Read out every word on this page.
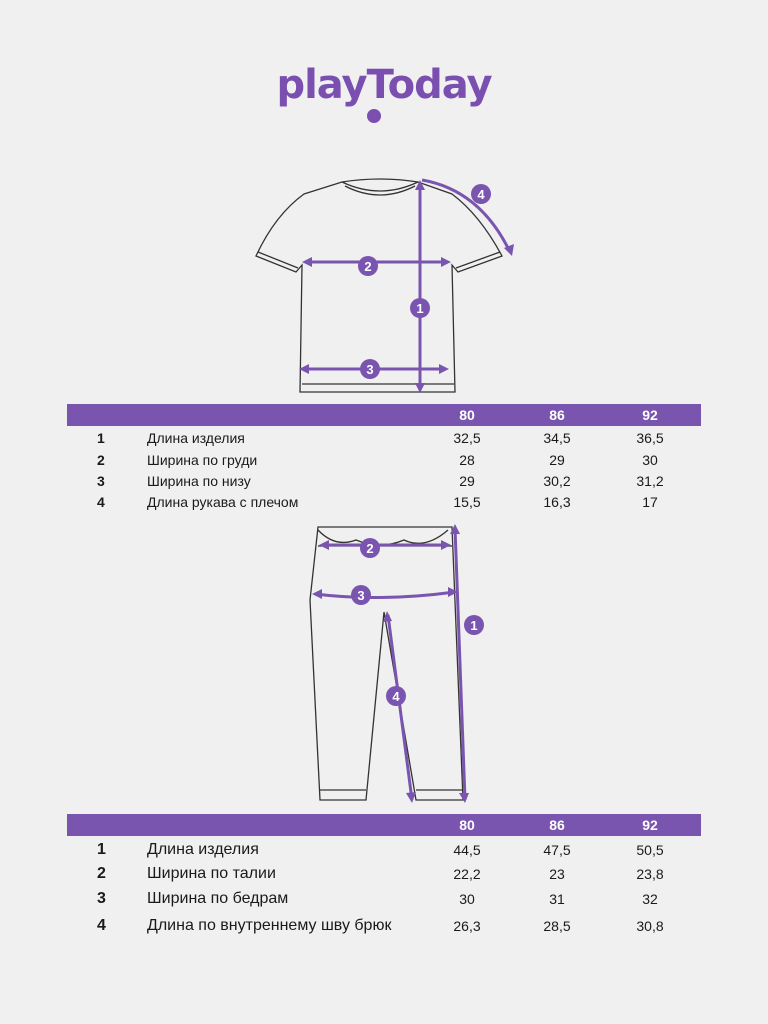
playToday
1
2
3
4
80	86	92
1	Длина изделия	32,5	34,5	36,5
2	Ширина по груди	28	29	30
3	Ширина по низу	29	30,2	31,2
4	Длина рукава с плечом	15,5	16,3	17
1
2
3
4
80	86	92
1	Длина изделия	44,5	47,5	50,5
2	Ширина по талии	22,2	23	23,8
3	Ширина по бедрам	30	31	32
4	Длина по внутреннему шву брюк	26,3	28,5	30,8
